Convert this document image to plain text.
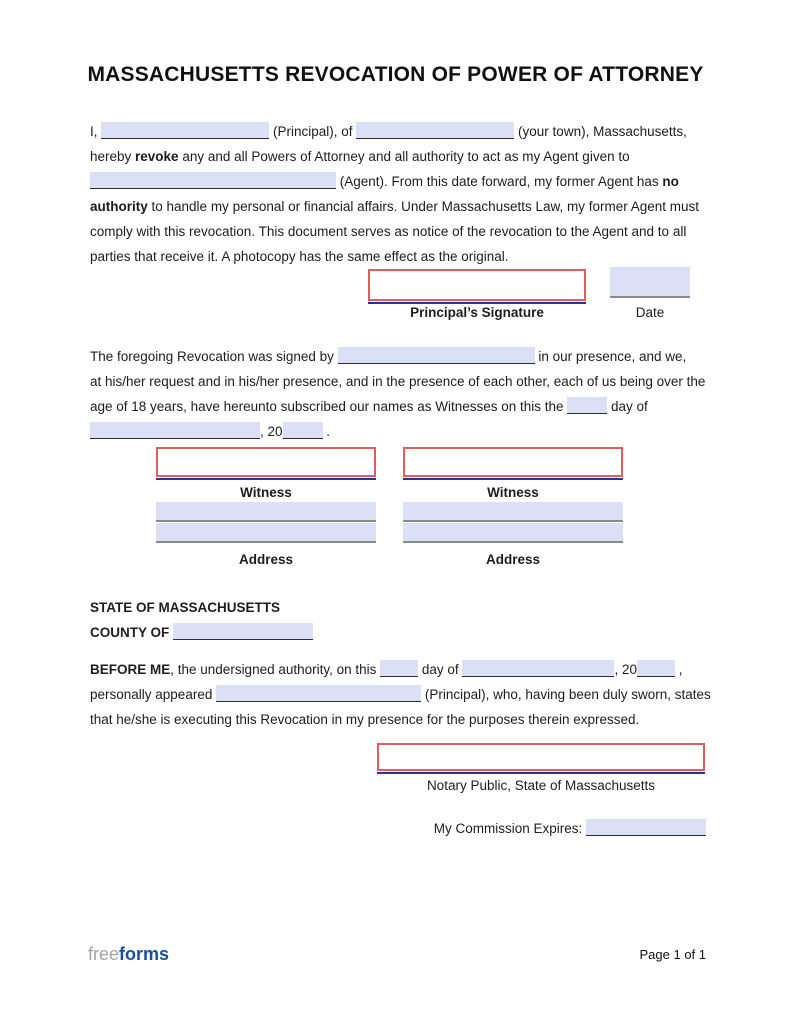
MASSACHUSETTS REVOCATION OF POWER OF ATTORNEY
I,	(Principal), of	(your town), Massachusetts,
hereby revoke any and all Powers of Attorney and all authority to act as my Agent given to
(Agent). From this date forward, my former Agent has no
authority to handle my personal or financial affairs. Under Massachusetts Law, my former Agent must
comply with this revocation. This document serves as notice of the revocation to the Agent and to all
parties that receive it. A photocopy has the same effect as the original.
Principal’s Signature	Date
The foregoing Revocation was signed by	in our presence, and we,
at his/her request and in his/her presence, and in the presence of each other, each of us being over the
age of 18 years, have hereunto subscribed our names as Witnesses on this the	day of
, 20	.
Witness	Witness
Address	Address
STATE OF MASSACHUSETTS
COUNTY OF
BEFORE ME, the undersigned authority, on this	day of	, 20	,
personally appeared	(Principal), who, having been duly sworn, states
that he/she is executing this Revocation in my presence for the purposes therein expressed.
Notary Public, State of Massachusetts
My Commission Expires:
freeforms	Page 1 of 1
